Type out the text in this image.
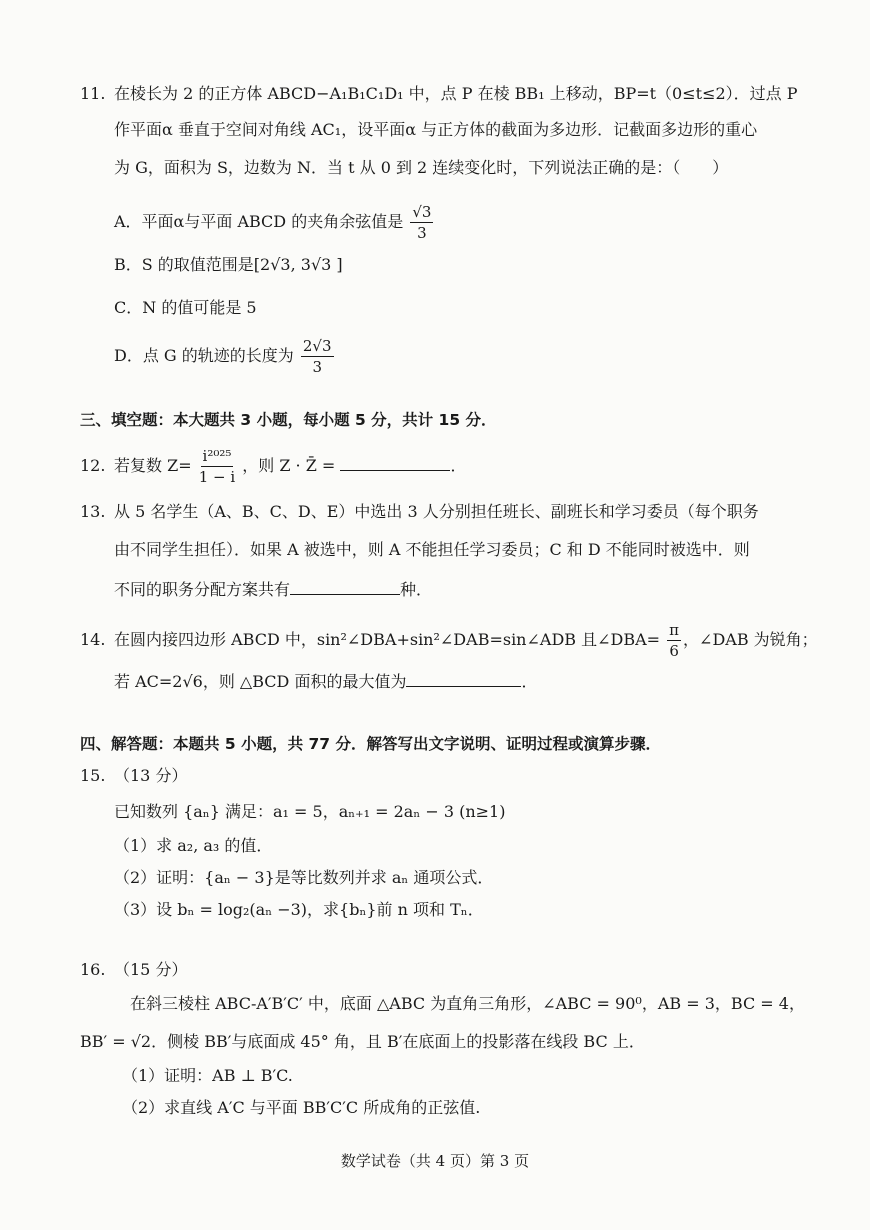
11. 在棱长为 2 的正方体 ABCD−A₁B₁C₁D₁ 中，点 P 在棱 BB₁ 上移动，BP=t（0≤t≤2）．过点 P
作平面α 垂直于空间对角线 AC₁，设平面α 与正方体的截面为多边形．记截面多边形的重心
为 G，面积为 S，边数为 N．当 t 从 0 到 2 连续变化时，下列说法正确的是：（　　）
A．平面α与平面 ABCD 的夹角余弦值是 $\frac{√3}{3}$
B．S 的取值范围是[2√3, 3√3 ]
C．N 的值可能是 5
D．点 G 的轨迹的长度为 $\frac{2√3}{3}$
三、填空题：本大题共 3 小题，每小题 5 分，共计 15 分．
12. 若复数 $Z= \frac{\text{i²⁰²⁵}}{1 - i}$ ，则 Z · Z̄ =	．
13. 从 5 名学生（A、B、C、D、E）中选出 3 人分别担任班长、副班长和学习委员（每个职务
由不同学生担任）．如果 A 被选中，则 A 不能担任学习委员；C 和 D 不能同时被选中．则
不同的职务分配方案共有	种．
14. 在圆内接四边形 ABCD 中，sin²∠DBA+sin²∠DAB=sin∠ADB 且∠DBA= $\frac{\pi}{6}$ ，∠DAB 为锐角；
若 AC=2√6，则 △BCD 面积的最大值为	．
四、解答题：本题共 5 小题，共 77 分．解答写出文字说明、证明过程或演算步骤．
15. （13 分）
已知数列 {aₙ} 满足：a₁ = 5，aₙ₊₁ = 2aₙ − 3 (n≥1)
（1）求 a₂, a₃ 的值．
（2）证明：{aₙ − 3}是等比数列并求 aₙ 通项公式．
（3）设 bₙ = log₂(aₙ −3)，求{bₙ}前 n 项和 Tₙ．
16. （15 分）
在斜三棱柱 ABC-A′B′C′ 中，底面 △ABC 为直角三角形，∠ABC = 90⁰，AB = 3，BC = 4，
BB′ = √2．侧棱 BB′与底面成 45° 角，且 B′在底面上的投影落在线段 BC 上．
（1）证明：AB ⊥ B′C.
（2）求直线 A′C 与平面 BB′C′C 所成角的正弦值.
数学试卷（共 4 页）第 3 页
